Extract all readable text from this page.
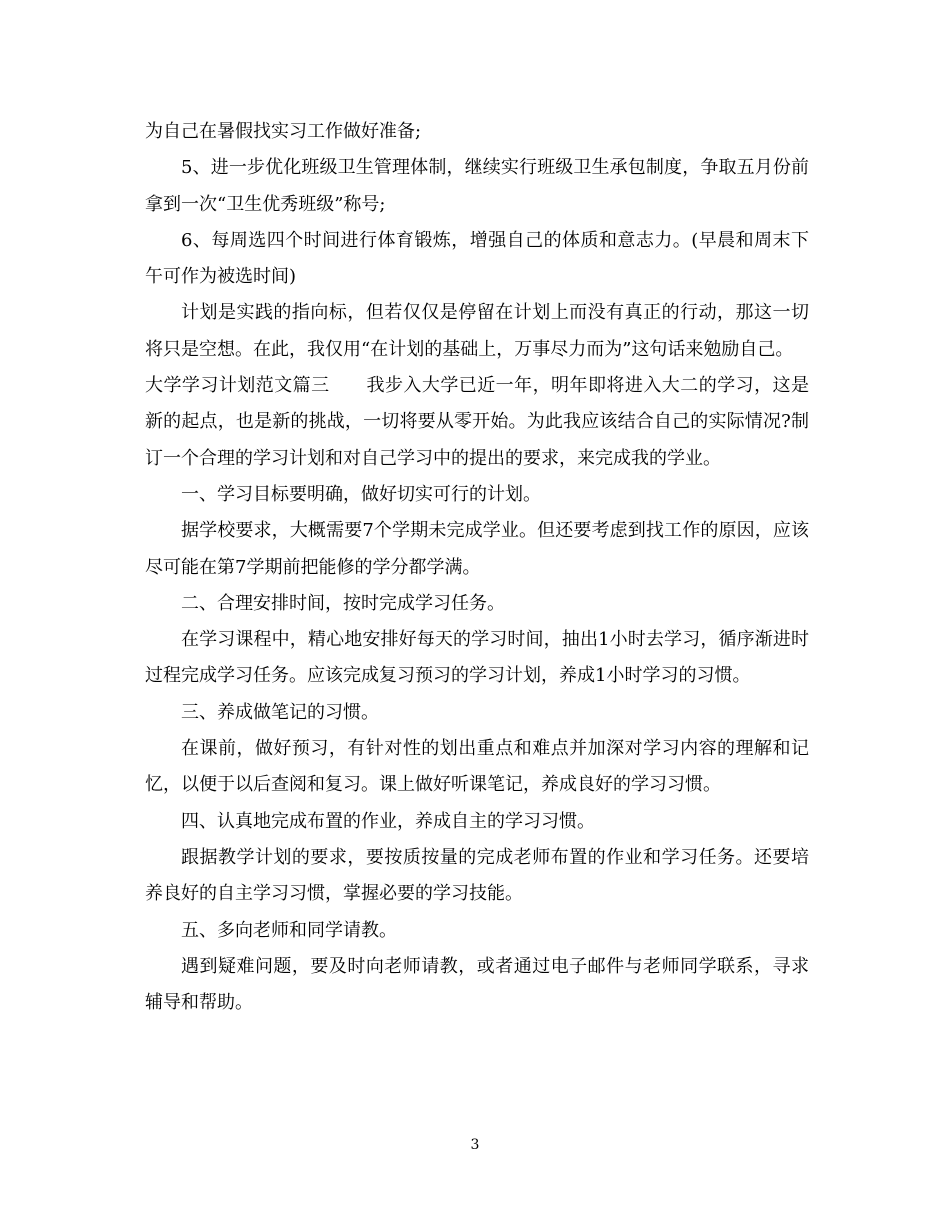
为自己在暑假找实习工作做好准备;

5、进一步优化班级卫生管理体制，继续实行班级卫生承包制度，争取五月份前拿到一次“卫生优秀班级”称号;

6、每周选四个时间进行体育锻炼，增强自己的体质和意志力。(早晨和周末下午可作为被选时间)

计划是实践的指向标，但若仅仅是停留在计划上而没有真正的行动，那这一切将只是空想。在此，我仅用“在计划的基础上，万事尽力而为”这句话来勉励自己。

大学学习计划范文篇三　　我步入大学已近一年，明年即将进入大二的学习，这是新的起点，也是新的挑战，一切将要从零开始。为此我应该结合自己的实际情况?制订一个合理的学习计划和对自己学习中的提出的要求，来完成我的学业。

一、学习目标要明确，做好切实可行的计划。

据学校要求，大概需要7个学期未完成学业。但还要考虑到找工作的原因，应该尽可能在第7学期前把能修的学分都学满。

二、合理安排时间，按时完成学习任务。

在学习课程中，精心地安排好每天的学习时间，抽出1小时去学习，循序渐进时过程完成学习任务。应该完成复习预习的学习计划，养成1小时学习的习惯。

三、养成做笔记的习惯。

在课前，做好预习，有针对性的划出重点和难点并加深对学习内容的理解和记忆，以便于以后查阅和复习。课上做好听课笔记，养成良好的学习习惯。

四、认真地完成布置的作业，养成自主的学习习惯。

跟据教学计划的要求，要按质按量的完成老师布置的作业和学习任务。还要培养良好的自主学习习惯，掌握必要的学习技能。

五、多向老师和同学请教。

遇到疑难问题，要及时向老师请教，或者通过电子邮件与老师同学联系，寻求辅导和帮助。

3
